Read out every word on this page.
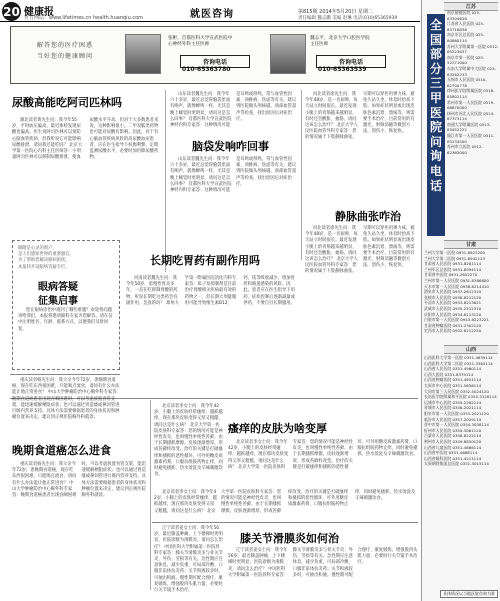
20 健康报
官方网站：www.lifetimes.cn health.huanqiu.com	就医咨询	第815期 2014年5月20日 星期二
责任编辑 魏志鹏 美编 赵琳 电话(010)65365939
解答您的医疗困惑
当好您的健康顾问
张彬，首都医科大学宣武医院中
心神经外科主任医师
咨询电话
010-65363780
魏志平，北京大学口腔医学院
主任医师
咨询电话
010-65363539
尿酸高能吃阿司匹林吗

湖北读者黄先生问：我今年55岁，平时血压偏高，最近体检发现尿酸也偏高。医生说阿司匹林可以预防心脑血管疾病，但我听说它可能影响尿酸排泄，请问我还能吃吗？ 北京大学第一医院心内科主任医师答：小剂量阿司匹林可以抑制尿酸排泄，使血尿酸水平升高，但对于大多数患者来说，这种影响很小。二甲双胍类药物也可能对尿酸有影响。因此，对于有心脑血管疾病风险的高尿酸血症患者，应在医生指导下权衡利弊，定期监测尿酸水平，必要时加用降尿酸药物。

山东读者魏先生问：我今年六十多岁，最近总觉得脑袋里面有响声，就像蝉鸣一样，尤其是晚上睡觉时更明显，请问这是怎么回事？ 首都医科大学宣武医院神经内科专家答：这种情况可能是耳鸣或颅鸣，常与血管性因素、颈椎病、焦虑等有关。建议到医院做头颅核磁、颈部血管超声等检查，找出原因后对症治疗。

脑袋发响咋回事

山东读者魏先生问：我今年六十多岁，最近总觉得脑袋里面有响声，就像蝉鸣一样，尤其是晚上睡觉时更明显，请问这是怎么回事？ 首都医科大学宣武医院神经内科专家答：这种情况可能是耳鸣或颅鸣，常与血管性因素、颈椎病、焦虑等有关。建议到医院做头颅核磁、颈部血管超声等检查，找出原因后对症治疗。

河北读者徐先生问：我今年48岁，是一名厨师，每天站立时间很长。最近发现小腿上的青筋越来越明显，有时还会酸胀、抽筋，请问这该怎么治疗？ 北京大学人民医院血管外科专家答：您的情况属于下肢静脉曲张。早期可以穿医用弹力袜，避免久站久坐，休息时抬高下肢。如果症状明显或出现皮肤色素沉着、溃疡等，则需要手术治疗，目前常用的有激光、射频消融等微创方法，创伤小、恢复快。

静脉曲张咋治

河北读者徐先生问：我今年48岁，是一名厨师，每天站立时间很长。最近发现小腿上的青筋越来越明显，有时还会酸胀、抽筋，请问这该怎么治疗？ 北京大学人民医院血管外科专家答：您的情况属于下肢静脉曲张。早期可以穿医用弹力袜，避免久站久坐，休息时抬高下肢。如果症状明显或出现皮肤色素沉着、溃疡等，则需要手术治疗，目前常用的有激光、射频消融等微创方法，创伤小、恢复快。

眼睛是心灵的窗户，
是人们感知世界的重要器官。
为了帮助您解决眼病困扰，
本报特开设眼病答疑专栏。
眼病答疑
征集启事

您在眼病诊治中遇到了哪些难题？欢迎将问题寄给我们，本报将邀请眼科专家为您解答。请在信中注明姓名、年龄、联系方式，以便我们及时回复。

长期吃胃药有副作用吗

河南读者魏先生问：我今年50岁，患慢性胃炎多年，一直在吃抑制胃酸的药物，听说长期吃这类药会有副作用，是真的吗？ 郑州大学第一附属医院消化内科专家答：质子泵抑制剂是目前治疗胃酸相关疾病最有效的药物之一，但长期大剂量服用可能导致维生素B12、钙、镁等吸收减少，增加骨折和肠道感染的风险。因此，患者应在医生指导下用药，症状控制后逐渐减量或停药，不要自行长期服用。

重庆读者杨先生问：我父亲今年72岁，患晚期食道癌，现在吃东西很困难，只能喝点流食，请问有什么办法能让他正常进食？ 中山大学肿瘤防治中心胸外科专家答：晚期食道癌患者出现吞咽困难时，可以考虑放置食管支架，能迅速缓解梗阻症状；也可以通过胃造瘘或鼻饲管进行肠内营养支持。具体方法需要根据患者的身体状况和肿瘤位置来决定，建议到正规医院胸外科就诊。

晚期食道癌怎么进食

重庆读者杨先生问：我父亲今年72岁，患晚期食道癌，现在吃东西很困难，只能喝点流食，请问有什么办法能让他正常进食？ 中山大学肿瘤防治中心胸外科专家答：晚期食道癌患者出现吞咽困难时，可以考虑放置食管支架，能迅速缓解梗阻症状；也可以通过胃造瘘或鼻饲管进行肠内营养支持。具体方法需要根据患者的身体状况和肿瘤位置来决定，建议到正规医院胸外科就诊。

北京读者李女士问：我今年42岁，小腿上的皮肤经常瘙痒，越抓越痒，现在那块皮肤变得又厚又粗糙，请问这是什么病？ 北京大学第一医院皮肤科专家答：您的情况可能是神经性皮炎，也叫慢性单纯性苔藓。由于长期搔抓摩擦，皮肤逐渐增厚，形成苔藓样改变。治疗的关键是打破瘙痒和搔抓的恶性循环，可外用糖皮质激素药膏，口服抗组胺药物止痒，同时避免搔抓、热水烫洗及辛辣刺激饮食。

瘙痒的皮肤为啥变厚

北京读者李女士问：我今年42岁，小腿上的皮肤经常瘙痒，越抓越痒，现在那块皮肤变得又厚又粗糙，请问这是什么病？ 北京大学第一医院皮肤科专家答：您的情况可能是神经性皮炎，也叫慢性单纯性苔藓。由于长期搔抓摩擦，皮肤逐渐增厚，形成苔藓样改变。治疗的关键是打破瘙痒和搔抓的恶性循环，可外用糖皮质激素药膏，口服抗组胺药物止痒，同时避免搔抓、热水烫洗及辛辣刺激饮食。

北京读者李女士问：我今年42岁，小腿上的皮肤经常瘙痒，越抓越痒，现在那块皮肤变得又厚又粗糙，请问这是什么病？ 北京大学第一医院皮肤科专家答：您的情况可能是神经性皮炎，也叫慢性单纯性苔藓。由于长期搔抓摩擦，皮肤逐渐增厚，形成苔藓样改变。治疗的关键是打破瘙痒和搔抓的恶性循环，可外用糖皮质激素药膏，口服抗组胺药物止痒，同时避免搔抓、热水烫洗及辛辣刺激饮食。

辽宁读者姜女士问：我今年56岁，最近膝盖肿痛，上下楼梯时更明显，医院诊断为滑膜炎，请问怎么治疗？ 中国医科大学附属第一医院骨科专家答：膝关节滑膜炎多与骨关节炎、外伤、劳损等有关。急性期应注意休息，减少负重，可局部冷敷、口服非甾体抗炎药；关节积液较多时，可抽出积液。慢性期可配合理疗、康复锻炼，增强股四头肌力量，必要时行关节镜手术治疗。

膝关节滑膜炎如何治

辽宁读者姜女士问：我今年56岁，最近膝盖肿痛，上下楼梯时更明显，医院诊断为滑膜炎，请问怎么治疗？ 中国医科大学附属第一医院骨科专家答：膝关节滑膜炎多与骨关节炎、外伤、劳损等有关。急性期应注意休息，减少负重，可局部冷敷、口服非甾体抗炎药；关节积液较多时，可抽出积液。慢性期可配合理疗、康复锻炼，增强股四头肌力量，必要时行关节镜手术治疗。

全国部分三甲医院问询电话
江苏
南京鼓楼医院 025-83304616
江苏省人民医院 025-83718836
南京军区总医院 025-80860114
苏州大学附属第一医院 0512-65223637
南京市第一医院 025-52271000
东南大学附属中大医院 025-83262233
无锡市人民医院 0510-82700778
徐州医学院附属医院 0516-85802114
常州市第一人民医院 0519-68870000
扬州市苏北人民医院 0514-87373114
南通大学附属医院 0513-85052222
镇江市第一人民医院 0511-85234500
苏州市立医院 0512-62362000
甘肃
兰州大学第一医院 0931-8625200
兰州大学第二医院 0931-8942123
甘肃省人民医院 0931-8281114
兰州军区总医院 0931-8994114
甘肃省中医院 0931-2652270
兰州市第一人民医院 0931-8386800
天水市第一人民医院 0938-8214410
酒泉市人民医院 0937-2612310
张掖市人民医院 0936-8212120
平凉市人民医院 0933-8213621
武威市人民医院 0935-2212310
庆阳市人民医院 0934-8213120
白银市第一人民医院 0943-8223221
甘肃省肿瘤医院 0931-2302120
定西市人民医院 0932-8212250
山西
山西医科大学第一医院 0351-4639114
山西医科大学第二医院 0351-3365114
山西省人民医院 0351-4960114
山西大医院 0351-8379114
山西省肿瘤医院 0351-4651114
太原市中心医院 0351-5656114
大同市第三人民医院 0352-5024120
长治医学院附属和平医院 0355-3128114
运城市中心医院 0359-2282114
晋城市人民医院 0356-2021114
阳泉市第一人民医院 0353-2021120
临汾市人民医院 0357-2029114
晋中市第一人民医院 0354-3038114
忻州市人民医院 0350-3061120
吕梁市人民医院 0358-8222114
朔州市人民医院 0349-8850120
山西省儿童医院 0351-4666114
山西省中医院 0351-4668114
山西省眼科医院 0351-4211114
太原钢铁集团总医院 0351-3015114
具体情况以当地医院咨询为准
